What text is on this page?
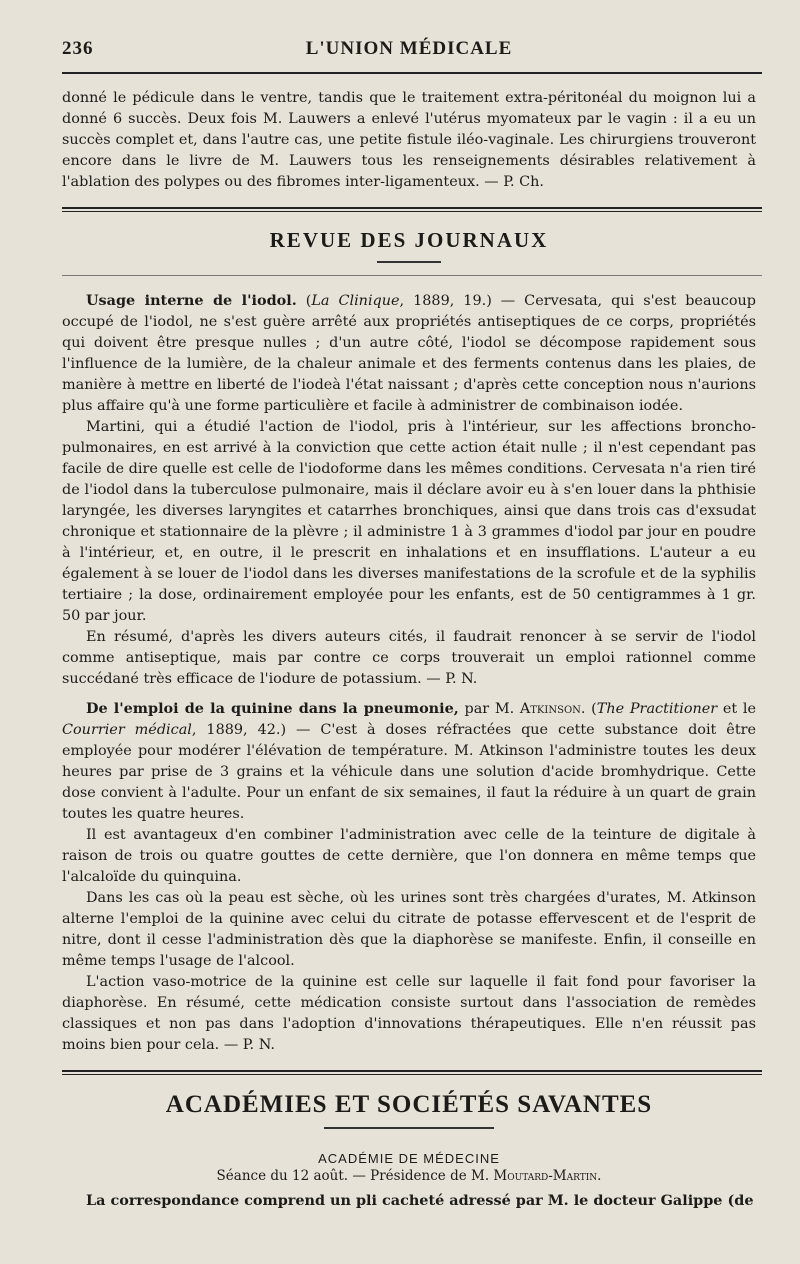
236	L'UNION MÉDICALE

donné le pédicule dans le ventre, tandis que le traitement extra-péritonéal du moignon lui a donné 6 succès. Deux fois M. Lauwers a enlevé l'utérus myomateux par le vagin : il a eu un succès complet et, dans l'autre cas, une petite fistule iléo-vaginale. Les chirurgiens trouveront encore dans le livre de M. Lauwers tous les renseignements désirables relativement à l'ablation des polypes ou des fibromes inter-ligamenteux. — P. Ch.

REVUE DES JOURNAUX

Usage interne de l'iodol. (La Clinique, 1889, 19.) — Cervesata, qui s'est beaucoup occupé de l'iodol, ne s'est guère arrêté aux propriétés antiseptiques de ce corps, propriétés qui doivent être presque nulles ; d'un autre côté, l'iodol se décompose rapidement sous l'influence de la lumière, de la chaleur animale et des ferments contenus dans les plaies, de manière à mettre en liberté de l'iodeà l'état naissant ; d'après cette conception nous n'aurions plus affaire qu'à une forme particulière et facile à administrer de combinaison iodée.

Martini, qui a étudié l'action de l'iodol, pris à l'intérieur, sur les affections broncho-pulmonaires, en est arrivé à la conviction que cette action était nulle ; il n'est cependant pas facile de dire quelle est celle de l'iodoforme dans les mêmes conditions. Cervesata n'a rien tiré de l'iodol dans la tuberculose pulmonaire, mais il déclare avoir eu à s'en louer dans la phthisie laryngée, les diverses laryngites et catarrhes bronchiques, ainsi que dans trois cas d'exsudat chronique et stationnaire de la plèvre ; il administre 1 à 3 grammes d'iodol par jour en poudre à l'intérieur, et, en outre, il le prescrit en inhalations et en insufflations. L'auteur a eu également à se louer de l'iodol dans les diverses manifestations de la scrofule et de la syphilis tertiaire ; la dose, ordinairement employée pour les enfants, est de 50 centigrammes à 1 gr. 50 par jour.

En résumé, d'après les divers auteurs cités, il faudrait renoncer à se servir de l'iodol comme antiseptique, mais par contre ce corps trouverait un emploi rationnel comme succédané très efficace de l'iodure de potassium. — P. N.

De l'emploi de la quinine dans la pneumonie, par M. Atkinson. (The Practitioner et le Courrier médical, 1889, 42.) — C'est à doses réfractées que cette substance doit être employée pour modérer l'élévation de température. M. Atkinson l'administre toutes les deux heures par prise de 3 grains et la véhicule dans une solution d'acide bromhydrique. Cette dose convient à l'adulte. Pour un enfant de six semaines, il faut la réduire à un quart de grain toutes les quatre heures.

Il est avantageux d'en combiner l'administration avec celle de la teinture de digitale à raison de trois ou quatre gouttes de cette dernière, que l'on donnera en même temps que l'alcaloïde du quinquina.

Dans les cas où la peau est sèche, où les urines sont très chargées d'urates, M. Atkinson alterne l'emploi de la quinine avec celui du citrate de potasse effervescent et de l'esprit de nitre, dont il cesse l'administration dès que la diaphorèse se manifeste. Enfin, il conseille en même temps l'usage de l'alcool.

L'action vaso-motrice de la quinine est celle sur laquelle il fait fond pour favoriser la diaphorèse. En résumé, cette médication consiste surtout dans l'association de remèdes classiques et non pas dans l'adoption d'innovations thérapeutiques. Elle n'en réussit pas moins bien pour cela. — P. N.

ACADÉMIES ET SOCIÉTÉS SAVANTES
ACADÉMIE DE MÉDECINE
Séance du 12 août. — Présidence de M. Moutard-Martin.

La correspondance comprend un pli cacheté adressé par M. le docteur Galippe (de
